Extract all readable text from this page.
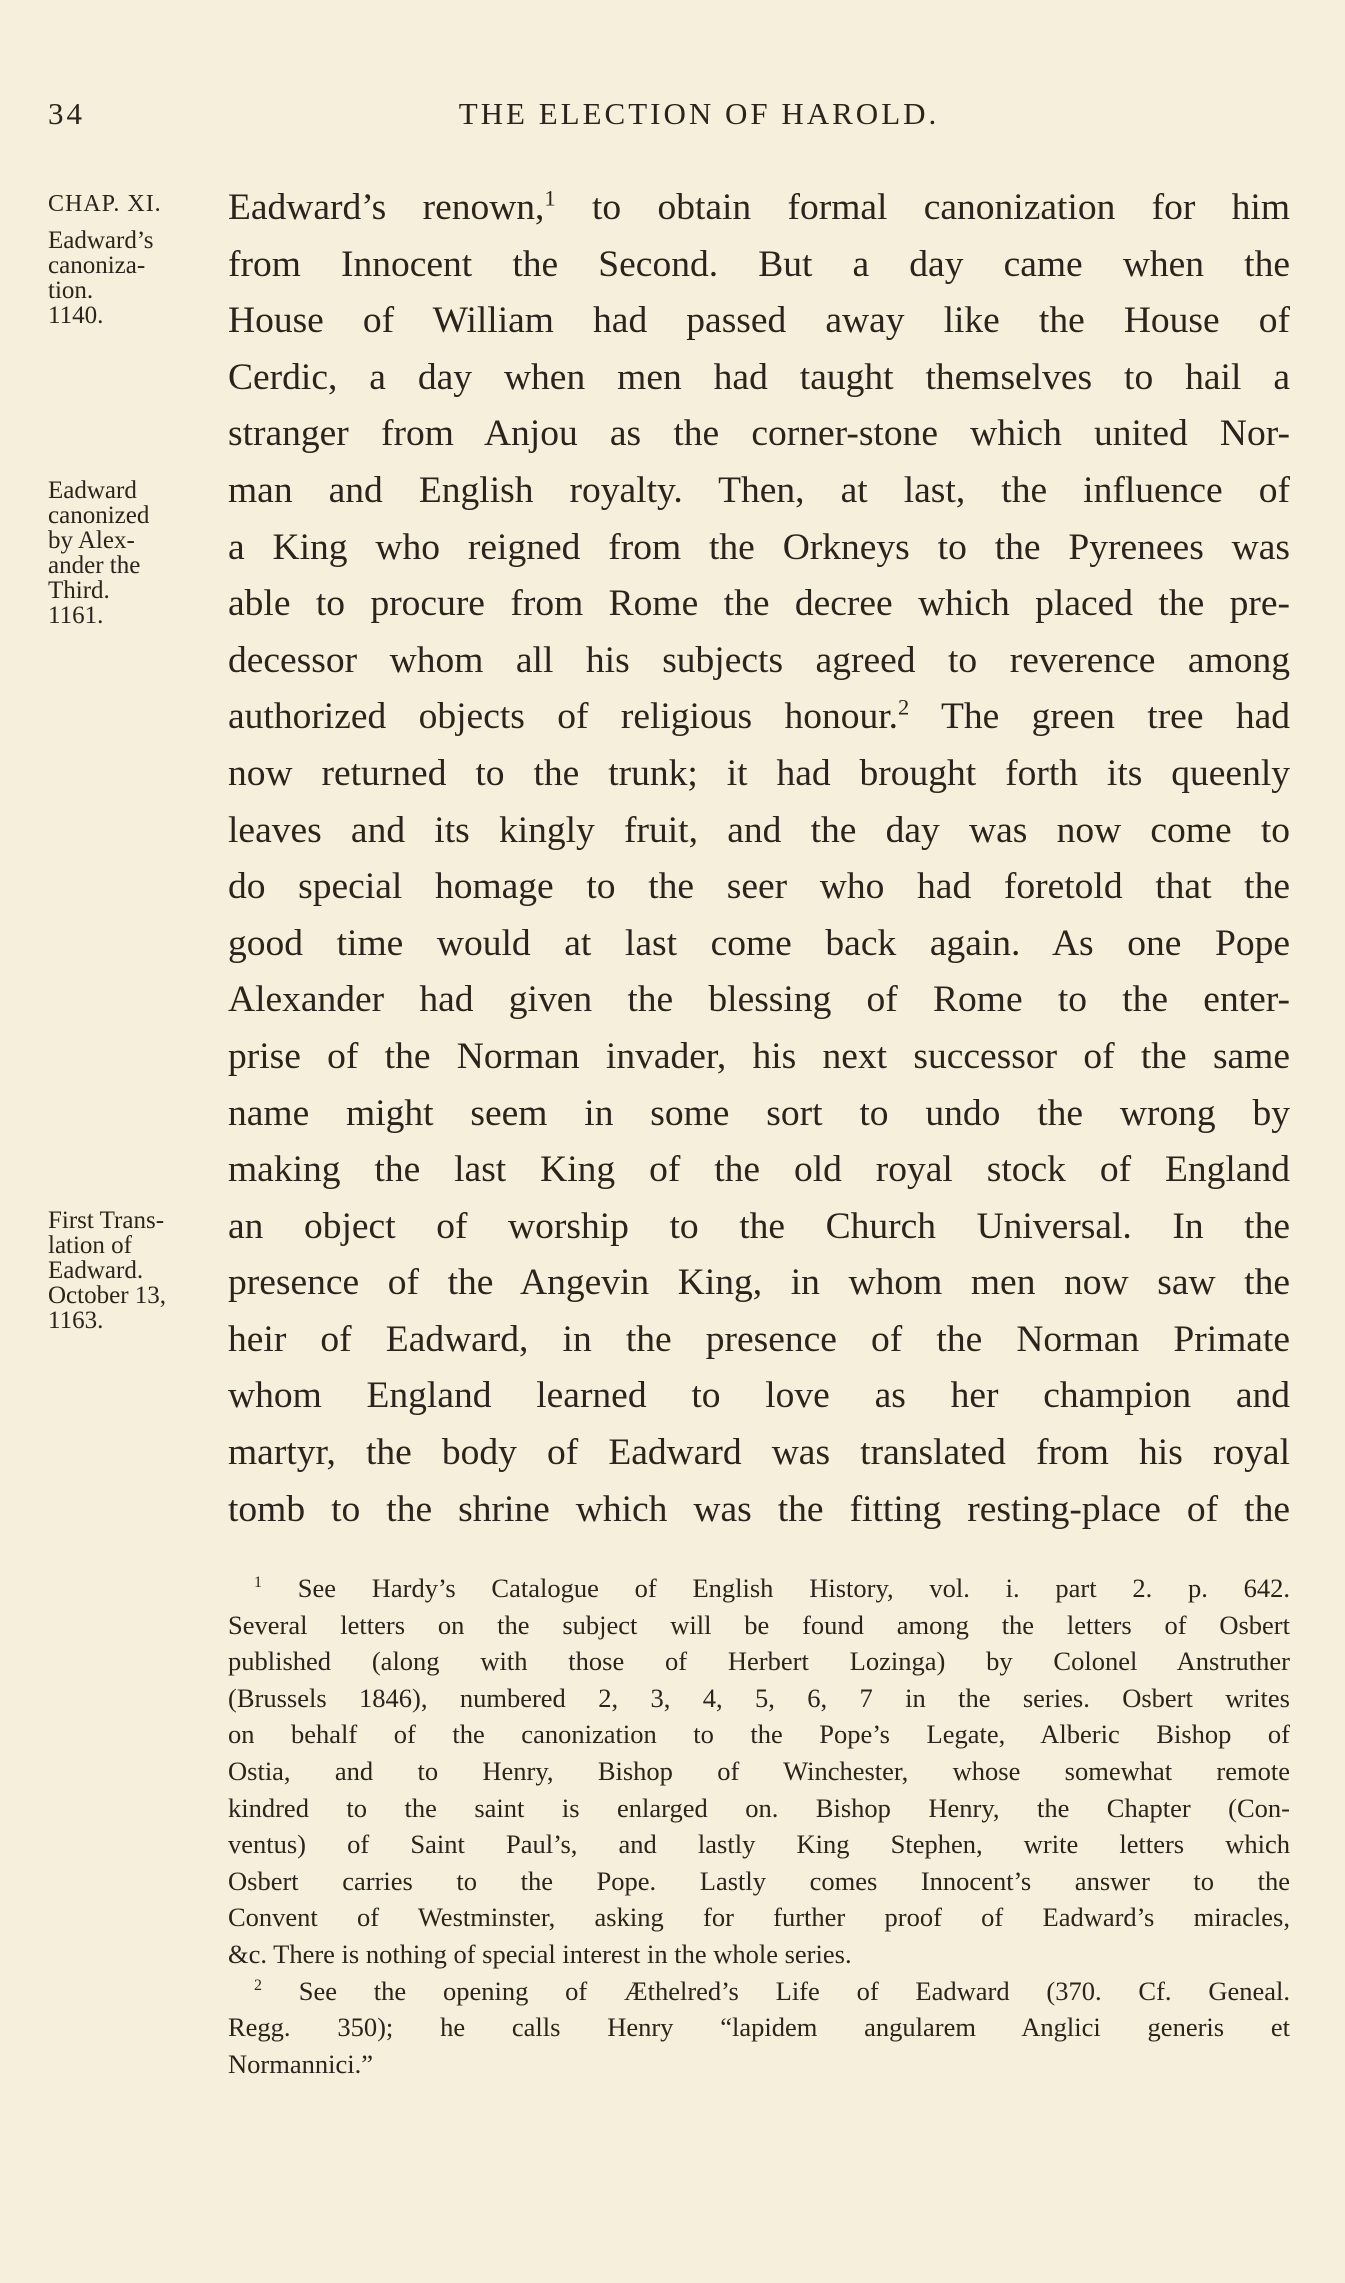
34	THE ELECTION OF HAROLD.
CHAP. XI.
Eadward’s
canoniza-
tion.
1140.
Eadward
canonized
by Alex-
ander the
Third.
1161.
First Trans-
lation of
Eadward.
October 13,
1163.
Eadward’s renown,$^1$ to obtain formal canonization for him
from Innocent the Second. But a day came when the
House of William had passed away like the House of
Cerdic, a day when men had taught themselves to hail a
stranger from Anjou as the corner-stone which united Nor-
man and English royalty. Then, at last, the influence of
a King who reigned from the Orkneys to the Pyrenees was
able to procure from Rome the decree which placed the pre-
decessor whom all his subjects agreed to reverence among
authorized objects of religious honour.$^2$ The green tree had
now returned to the trunk; it had brought forth its queenly
leaves and its kingly fruit, and the day was now come to
do special homage to the seer who had foretold that the
good time would at last come back again. As one Pope
Alexander had given the blessing of Rome to the enter-
prise of the Norman invader, his next successor of the same
name might seem in some sort to undo the wrong by
making the last King of the old royal stock of England
an object of worship to the Church Universal. In the
presence of the Angevin King, in whom men now saw the
heir of Eadward, in the presence of the Norman Primate
whom England learned to love as her champion and
martyr, the body of Eadward was translated from his royal
tomb to the shrine which was the fitting resting-place of the
$^1$ See Hardy’s Catalogue of English History, vol. i. part 2. p. 642.
Several letters on the subject will be found among the letters of Osbert
published (along with those of Herbert Lozinga) by Colonel Anstruther
(Brussels 1846), numbered 2, 3, 4, 5, 6, 7 in the series. Osbert writes
on behalf of the canonization to the Pope’s Legate, Alberic Bishop of
Ostia, and to Henry, Bishop of Winchester, whose somewhat remote
kindred to the saint is enlarged on. Bishop Henry, the Chapter (Con-
ventus) of Saint Paul’s, and lastly King Stephen, write letters which
Osbert carries to the Pope. Lastly comes Innocent’s answer to the
Convent of Westminster, asking for further proof of Eadward’s miracles,
&c. There is nothing of special interest in the whole series.
$^2$ See the opening of Æthelred’s Life of Eadward (370. Cf. Geneal.
Regg. 350); he calls Henry “lapidem angularem Anglici generis et
Normannici.”
